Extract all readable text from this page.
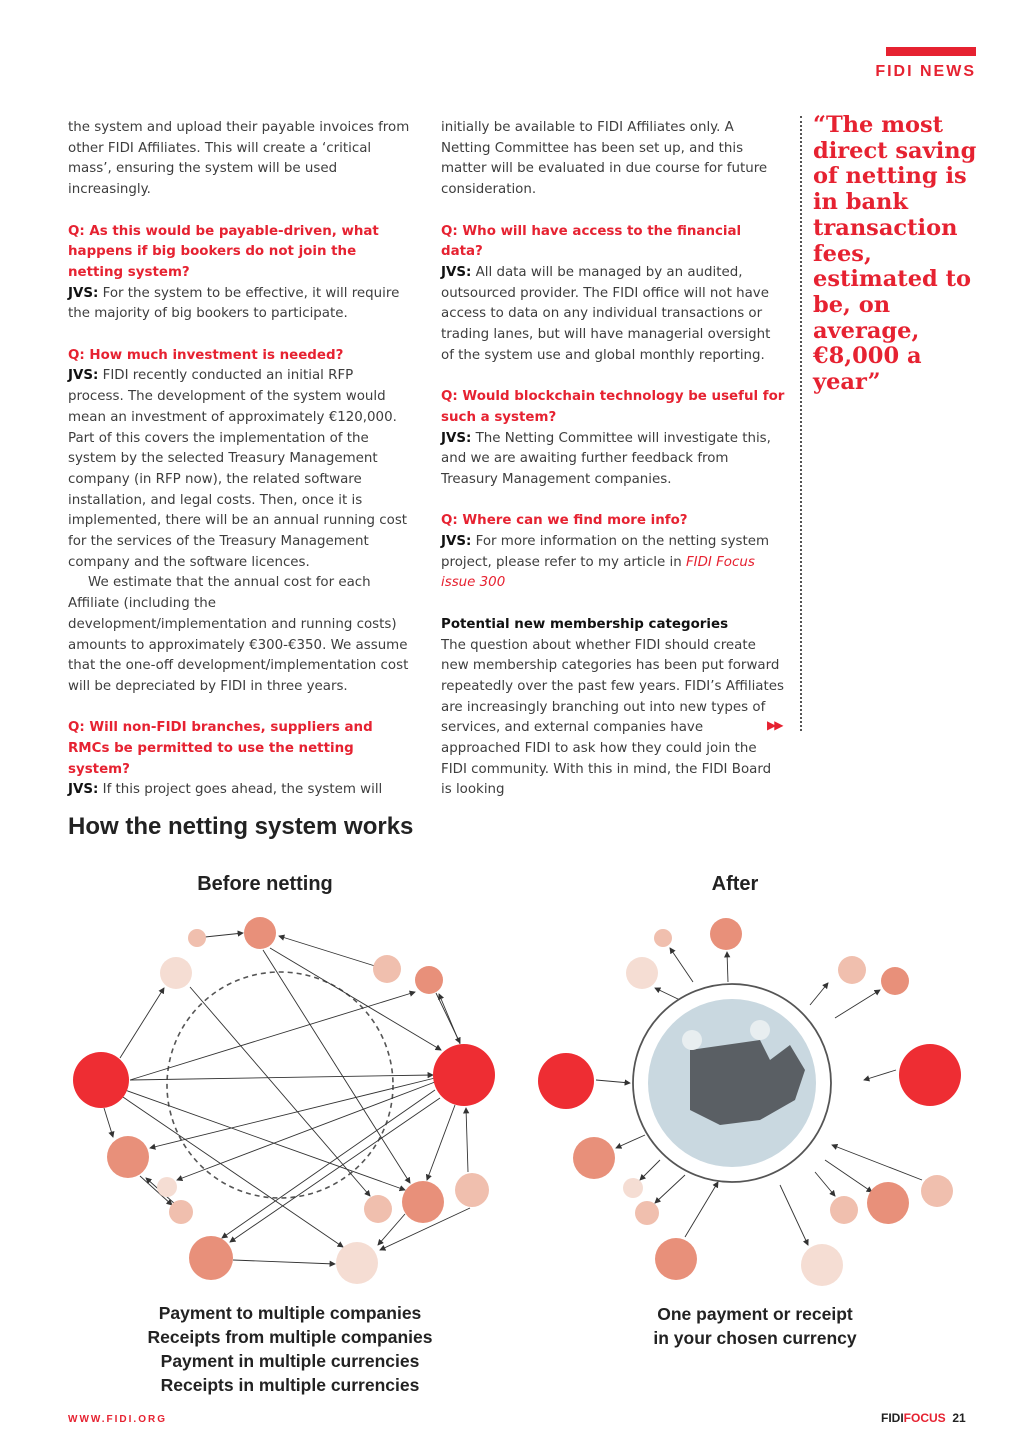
FIDI NEWS

the system and upload their payable invoices from other FIDI Affiliates. This will create a ‘critical mass’, ensuring the system will be used increasingly.

Q: As this would be payable-driven, what happens if big bookers do not join the netting system?

JVS: For the system to be effective, it will require the majority of big bookers to participate.

Q: How much investment is needed?

JVS: FIDI recently conducted an initial RFP process. The development of the system would mean an investment of approximately €120,000. Part of this covers the implementation of the system by the selected Treasury Management company (in RFP now), the related software installation, and legal costs. Then, once it is implemented, there will be an annual running cost for the services of the Treasury Management company and the software licences.

We estimate that the annual cost for each Affiliate (including the development/implementation and running costs) amounts to approximately €300-€350. We assume that the one-off development/implementation cost will be depreciated by FIDI in three years.

Q: Will non-FIDI branches, suppliers and RMCs be permitted to use the netting system?

JVS: If this project goes ahead, the system will

initially be available to FIDI Affiliates only. A Netting Committee has been set up, and this matter will be evaluated in due course for future consideration.

Q: Who will have access to the financial data?

JVS: All data will be managed by an audited, outsourced provider. The FIDI office will not have access to data on any individual transactions or trading lanes, but will have managerial oversight of the system use and global monthly reporting.

Q: Would blockchain technology be useful for such a system?

JVS: The Netting Committee will investigate this, and we are awaiting further feedback from Treasury Management companies.

Q: Where can we find more info?

JVS: For more information on the netting system project, please refer to my article in FIDI Focus issue 300

Potential new membership categories

The question about whether FIDI should create new membership categories has been put forward repeatedly over the past few years. FIDI’s Affiliates are increasingly branching out into new types of services, and external companies have approached FIDI to ask how they could join the FIDI community. With this in mind, the FIDI Board is looking

▶▶
“The most direct saving of netting is in bank transaction fees, estimated to be, on average, €8,000 a year”
How the netting system works
Before netting	After
Payment to multiple companies
Receipts from multiple companies
Payment in multiple currencies
Receipts in multiple currencies
One payment or receipt
in your chosen currency
WWW.FIDI.ORG	FIDIFOCUS 21
